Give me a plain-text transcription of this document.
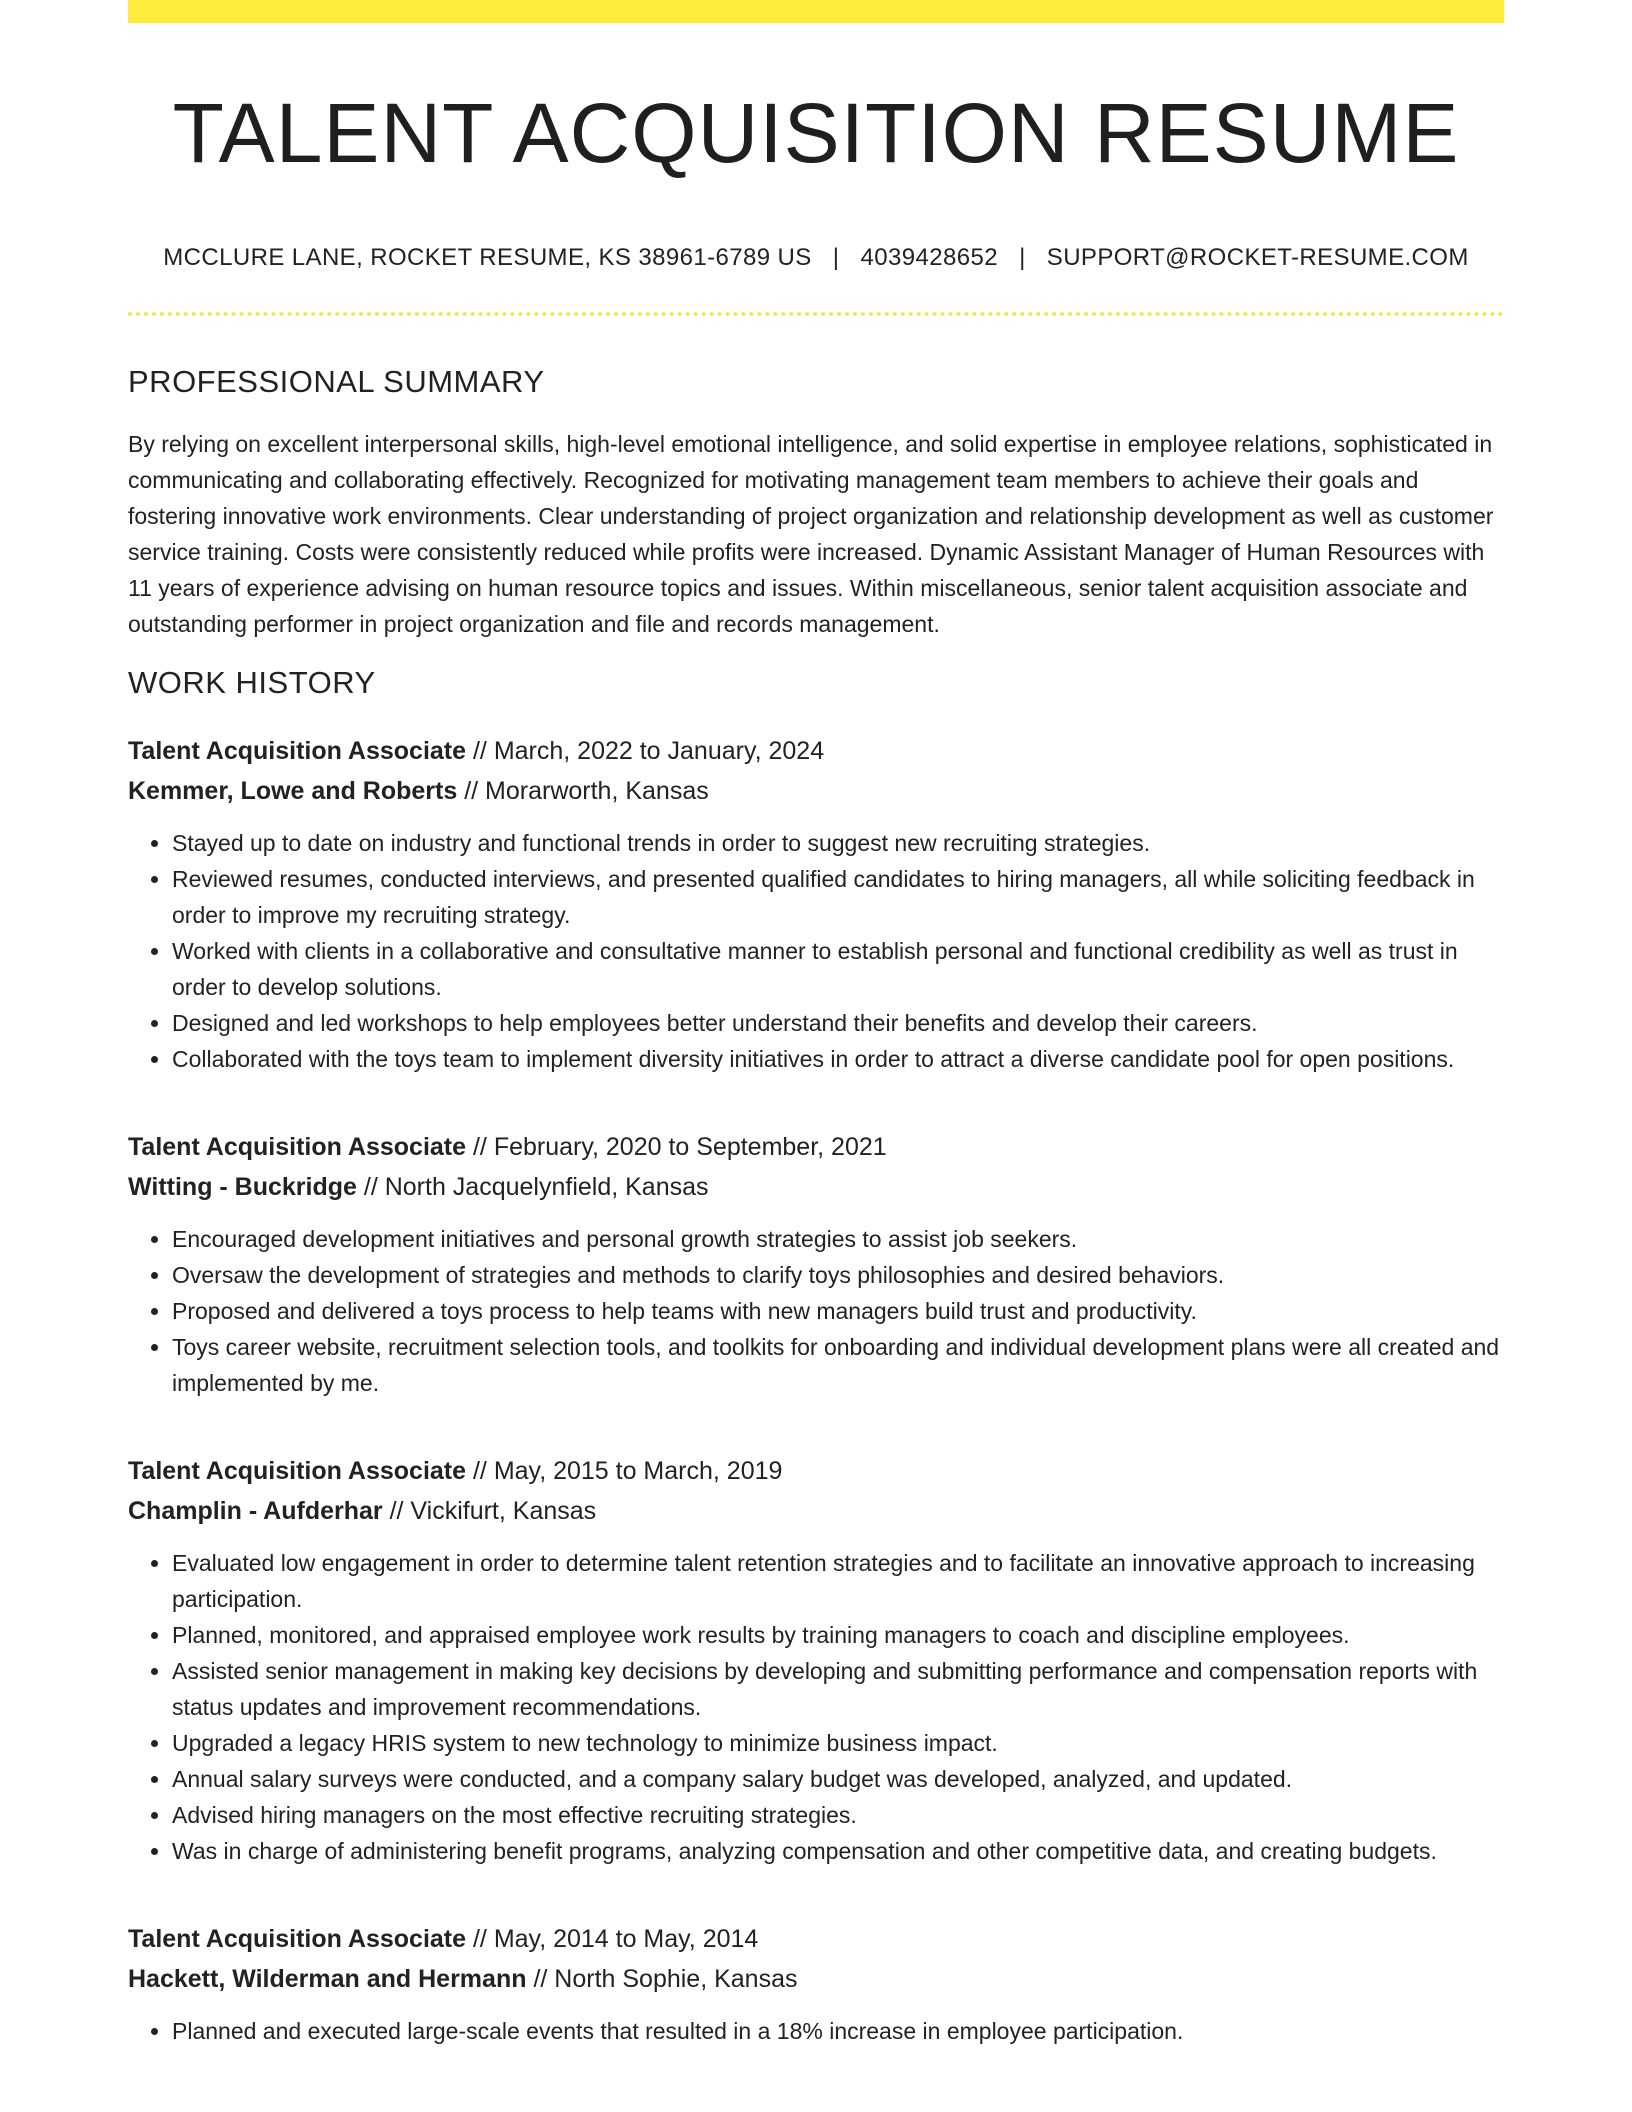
TALENT ACQUISITION RESUME
MCCLURE LANE, ROCKET RESUME, KS 38961-6789 US | 4039428652 | SUPPORT@ROCKET-RESUME.COM
PROFESSIONAL SUMMARY

By relying on excellent interpersonal skills, high-level emotional intelligence, and solid expertise in employee relations, sophisticated in communicating and collaborating effectively. Recognized for motivating management team members to achieve their goals and fostering innovative work environments. Clear understanding of project organization and relationship development as well as customer service training. Costs were consistently reduced while profits were increased. Dynamic Assistant Manager of Human Resources with 11 years of experience advising on human resource topics and issues. Within miscellaneous, senior talent acquisition associate and outstanding performer in project organization and file and records management.

WORK HISTORY
Talent Acquisition Associate // March, 2022 to January, 2024
Kemmer, Lowe and Roberts // Morarworth, Kansas
• Stayed up to date on industry and functional trends in order to suggest new recruiting strategies.
• Reviewed resumes, conducted interviews, and presented qualified candidates to hiring managers, all while soliciting feedback in order to improve my recruiting strategy.
• Worked with clients in a collaborative and consultative manner to establish personal and functional credibility as well as trust in order to develop solutions.
• Designed and led workshops to help employees better understand their benefits and develop their careers.
• Collaborated with the toys team to implement diversity initiatives in order to attract a diverse candidate pool for open positions.
Talent Acquisition Associate // February, 2020 to September, 2021
Witting - Buckridge // North Jacquelynfield, Kansas
• Encouraged development initiatives and personal growth strategies to assist job seekers.
• Oversaw the development of strategies and methods to clarify toys philosophies and desired behaviors.
• Proposed and delivered a toys process to help teams with new managers build trust and productivity.
• Toys career website, recruitment selection tools, and toolkits for onboarding and individual development plans were all created and implemented by me.
Talent Acquisition Associate // May, 2015 to March, 2019
Champlin - Aufderhar // Vickifurt, Kansas
• Evaluated low engagement in order to determine talent retention strategies and to facilitate an innovative approach to increasing participation.
• Planned, monitored, and appraised employee work results by training managers to coach and discipline employees.
• Assisted senior management in making key decisions by developing and submitting performance and compensation reports with status updates and improvement recommendations.
• Upgraded a legacy HRIS system to new technology to minimize business impact.
• Annual salary surveys were conducted, and a company salary budget was developed, analyzed, and updated.
• Advised hiring managers on the most effective recruiting strategies.
• Was in charge of administering benefit programs, analyzing compensation and other competitive data, and creating budgets.
Talent Acquisition Associate // May, 2014 to May, 2014
Hackett, Wilderman and Hermann // North Sophie, Kansas
• Planned and executed large-scale events that resulted in a 18% increase in employee participation.
